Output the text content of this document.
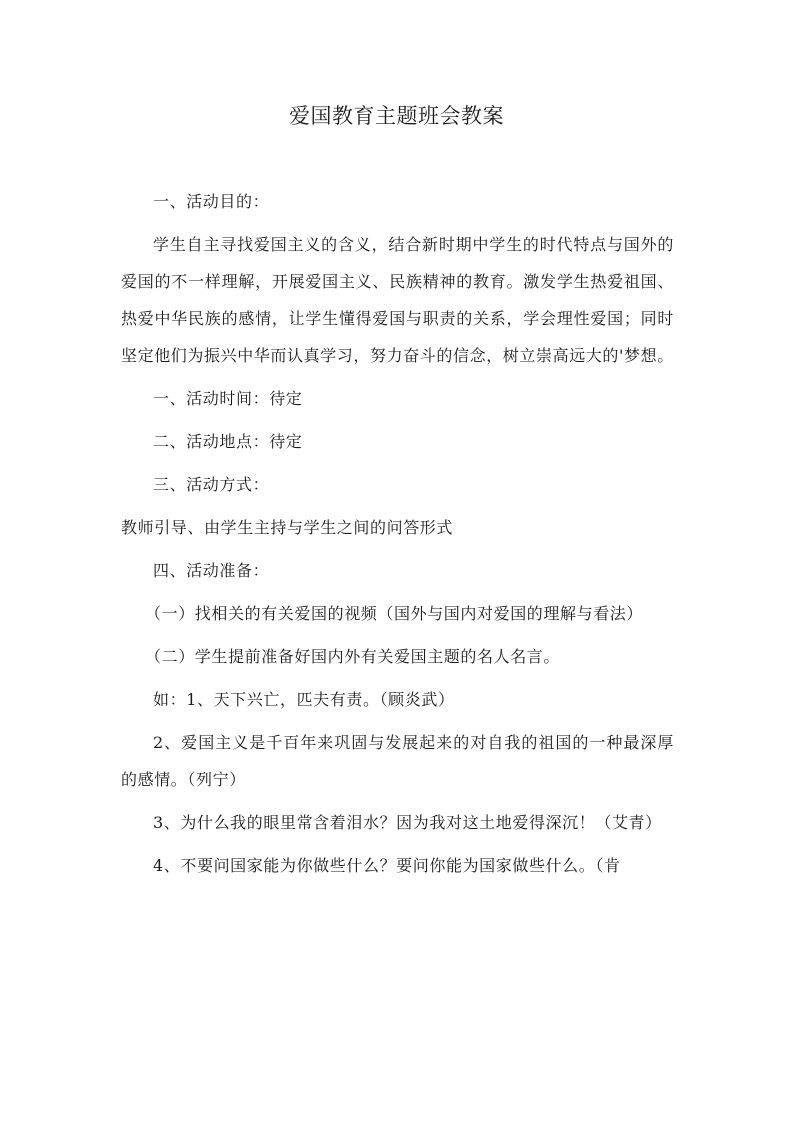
爱国教育主题班会教案

一、活动目的：

学生自主寻找爱国主义的含义，结合新时期中学生的时代特点与国外的爱国的不一样理解，开展爱国主义、民族精神的教育。激发学生热爱祖国、热爱中华民族的感情，让学生懂得爱国与职责的关系，学会理性爱国；同时坚定他们为振兴中华而认真学习，努力奋斗的信念，树立崇高远大的'梦想。

一、活动时间：待定

二、活动地点：待定

三、活动方式：

教师引导、由学生主持与学生之间的问答形式

四、活动准备：

（一）找相关的有关爱国的视频（国外与国内对爱国的理解与看法）

（二）学生提前准备好国内外有关爱国主题的名人名言。

如：1、天下兴亡，匹夫有责。（顾炎武）

2、爱国主义是千百年来巩固与发展起来的对自我的祖国的一种最深厚的感情。（列宁）

3、为什么我的眼里常含着泪水？因为我对这土地爱得深沉！（艾青）

4、不要问国家能为你做些什么？要问你能为国家做些什么。（肯
